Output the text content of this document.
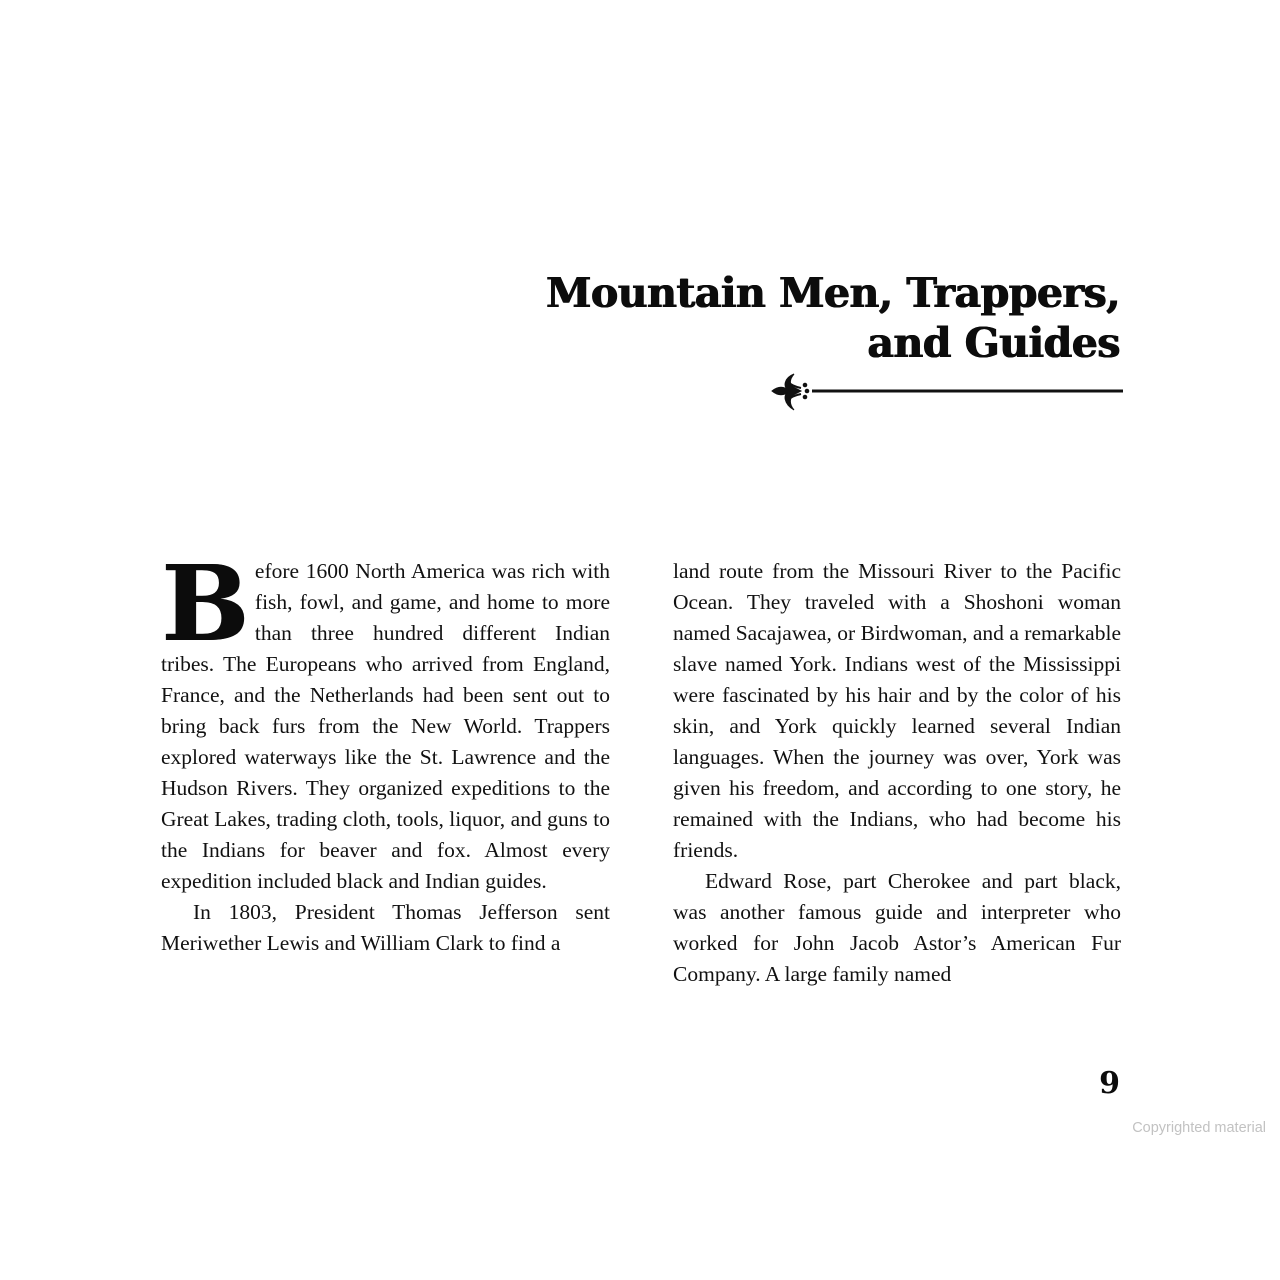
Mountain Men, Trappers,
and Guides

Before 1600 North America was rich with fish, fowl, and game, and home to more than three hundred different Indian tribes. The Europeans who arrived from England, France, and the Netherlands had been sent out to bring back furs from the New World. Trappers explored waterways like the St. Lawrence and the Hudson Rivers. They organized expeditions to the Great Lakes, trading cloth, tools, liquor, and guns to the Indians for beaver and fox. Almost every expedition included black and Indian guides.

In 1803, President Thomas Jefferson sent Meriwether Lewis and William Clark to find a

land route from the Missouri River to the Pacific Ocean. They traveled with a Shoshoni woman named Sacajawea, or Birdwoman, and a remarkable slave named York. Indians west of the Mississippi were fascinated by his hair and by the color of his skin, and York quickly learned several Indian languages. When the journey was over, York was given his freedom, and according to one story, he remained with the Indians, who had become his friends.

Edward Rose, part Cherokee and part black, was another famous guide and interpreter who worked for John Jacob Astor’s American Fur Company. A large family named

9
Copyrighted material
